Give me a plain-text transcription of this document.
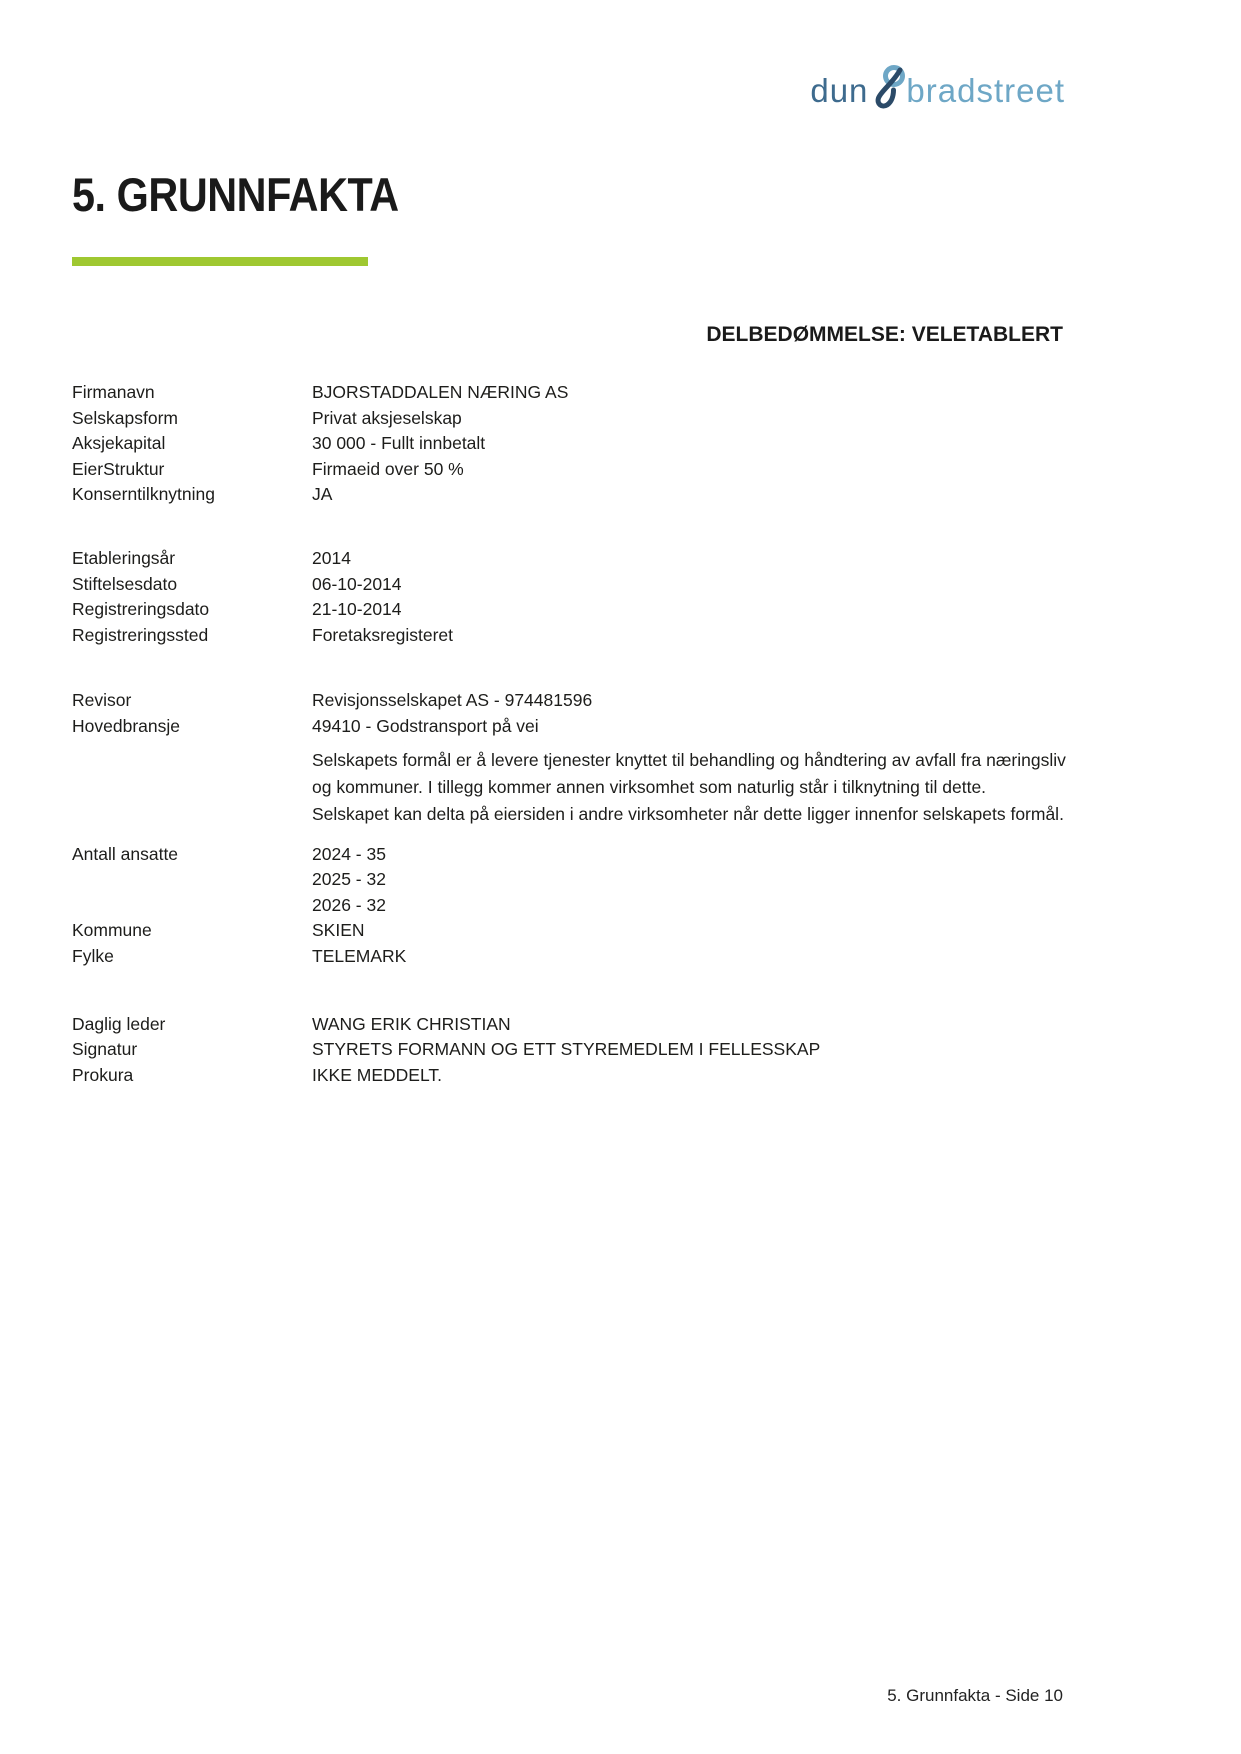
dun bradstreet
5. GRUNNFAKTA
DELBEDØMMELSE: VELETABLERT
Firmanavn	BJORSTADDALEN NÆRING AS
Selskapsform	Privat aksjeselskap
Aksjekapital	30 000 - Fullt innbetalt
EierStruktur	Firmaeid over 50 %
Konserntilknytning	JA
Etableringsår	2014
Stiftelsesdato	06-10-2014
Registreringsdato	21-10-2014
Registreringssted	Foretaksregisteret
Revisor	Revisjonsselskapet AS - 974481596
Hovedbransje	49410 - Godstransport på vei
Selskapets formål er å levere tjenester knyttet til behandling og håndtering av avfall fra næringsliv og kommuner. I tillegg kommer annen virksomhet som naturlig står i tilknytning til dette. Selskapet kan delta på eiersiden i andre virksomheter når dette ligger innenfor selskapets formål.
Antall ansatte	2024 - 35
2025 - 32
2026 - 32
Kommune	SKIEN
Fylke	TELEMARK
Daglig leder	WANG ERIK CHRISTIAN
Signatur	STYRETS FORMANN OG ETT STYREMEDLEM I FELLESSKAP
Prokura	IKKE MEDDELT.
5. Grunnfakta - Side 10
